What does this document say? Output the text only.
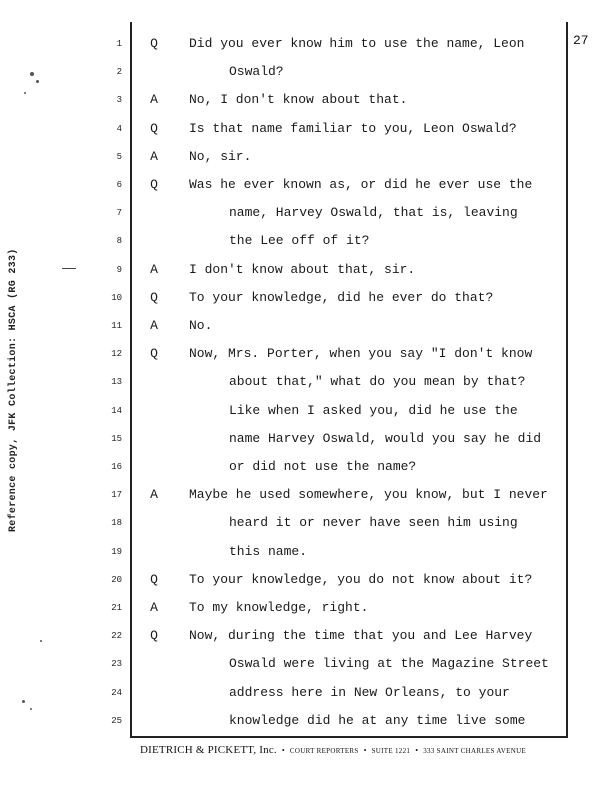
Reference copy, JFK Collection: HSCA (RG 233)
27
1	Q	Did you ever know him to use the name, Leon
2	Oswald?
3	A	No, I don't know about that.
4	Q	Is that name familiar to you, Leon Oswald?
5	A	No, sir.
6	Q	Was he ever known as, or did he ever use the
7	name, Harvey Oswald, that is, leaving
8	the Lee off of it?
9	A	I don't know about that, sir.
10	Q	To your knowledge, did he ever do that?
11	A	No.
12	Q	Now, Mrs. Porter, when you say "I don't know
13	about that," what do you mean by that?
14	Like when I asked you, did he use the
15	name Harvey Oswald, would you say he did
16	or did not use the name?
17	A	Maybe he used somewhere, you know, but I never
18	heard it or never have seen him using
19	this name.
20	Q	To your knowledge, you do not know about it?
21	A	To my knowledge, right.
22	Q	Now, during the time that you and Lee Harvey
23	Oswald were living at the Magazine Street
24	address here in New Orleans, to your
25	knowledge did he at any time live some
DIETRICH & PICKETT, Inc. • COURT REPORTERS • SUITE 1221 • 333 SAINT CHARLES AVENUE
